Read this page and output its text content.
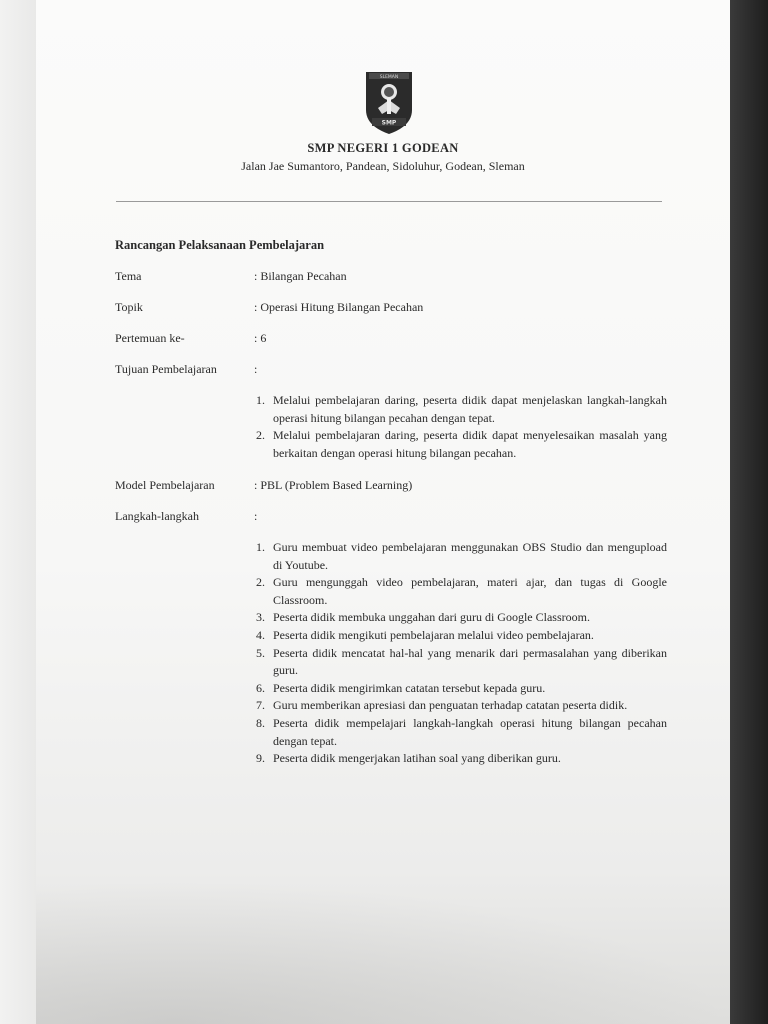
SLEMAN
SMP
SMP NEGERI 1 GODEAN
Jalan Jae Sumantoro, Pandean, Sidoluhur, Godean, Sleman
Rancangan Pelaksanaan Pembelajaran
Tema	: Bilangan Pecahan
Topik	: Operasi Hitung Bilangan Pecahan
Pertemuan ke-	: 6
Tujuan Pembelajaran	:
1. Melalui pembelajaran daring, peserta didik dapat menjelaskan langkah-langkah operasi hitung bilangan pecahan dengan tepat.
2. Melalui pembelajaran daring, peserta didik dapat menyelesaikan masalah yang berkaitan dengan operasi hitung bilangan pecahan.
Model Pembelajaran	: PBL (Problem Based Learning)
Langkah-langkah	:
1. Guru membuat video pembelajaran menggunakan OBS Studio dan mengupload di Youtube.
2. Guru mengunggah video pembelajaran, materi ajar, dan tugas di Google Classroom.
3. Peserta didik membuka unggahan dari guru di Google Classroom.
4. Peserta didik mengikuti pembelajaran melalui video pembelajaran.
5. Peserta didik mencatat hal-hal yang menarik dari permasalahan yang diberikan guru.
6. Peserta didik mengirimkan catatan tersebut kepada guru.
7. Guru memberikan apresiasi dan penguatan terhadap catatan peserta didik.
8. Peserta didik mempelajari langkah-langkah operasi hitung bilangan pecahan dengan tepat.
9. Peserta didik mengerjakan latihan soal yang diberikan guru.
